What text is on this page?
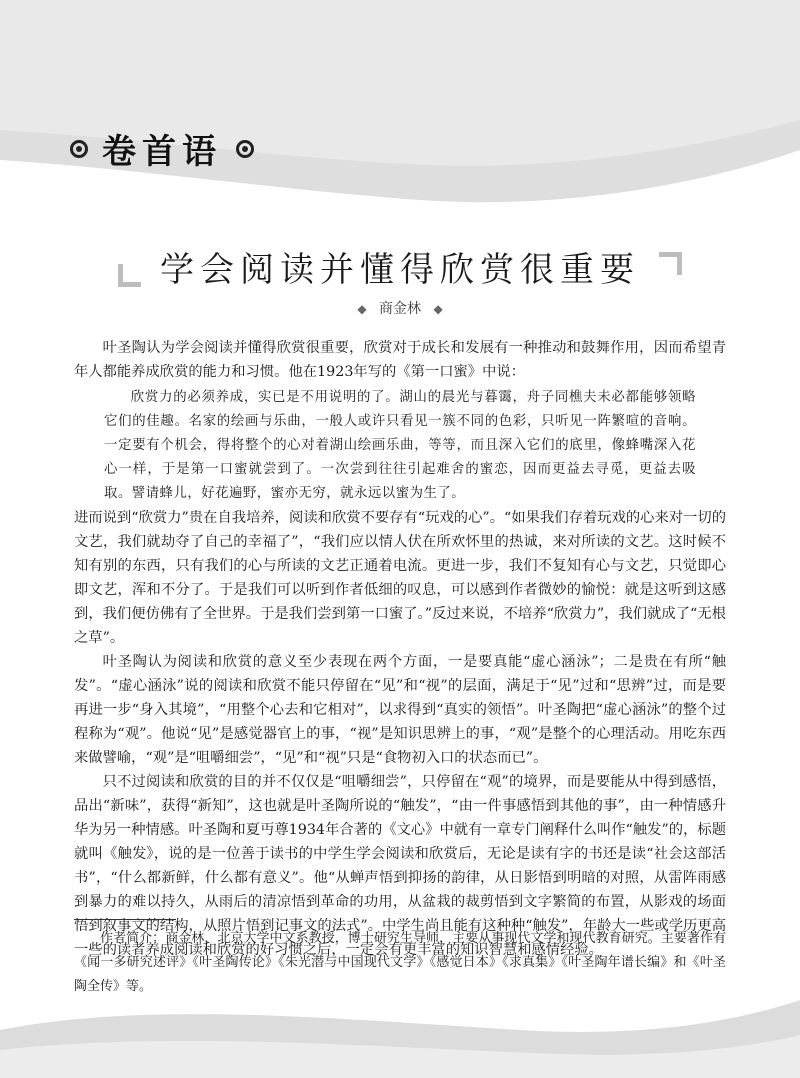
卷首语
学会阅读并懂得欣赏很重要
◆ 商金林 ◆

叶圣陶认为学会阅读并懂得欣赏很重要，欣赏对于成长和发展有一种推动和鼓舞作用，因而希望青年人都能养成欣赏的能力和习惯。他在1923年写的《第一口蜜》中说：

欣赏力的必须养成，实已是不用说明的了。湖山的晨光与暮霭，舟子同樵夫未必都能够领略它们的佳趣。名家的绘画与乐曲，一般人或许只看见一簇不同的色彩，只听见一阵繁喧的音响。一定要有个机会，得将整个的心对着湖山绘画乐曲，等等，而且深入它们的底里，像蜂嘴深入花心一样，于是第一口蜜就尝到了。一次尝到往往引起难舍的蜜恋，因而更益去寻觅，更益去吸取。譬请蜂儿，好花遍野，蜜亦无穷，就永远以蜜为生了。

进而说到“欣赏力”贵在自我培养，阅读和欣赏不要存有“玩戏的心”。“如果我们存着玩戏的心来对一切的文艺，我们就劫夺了自己的幸福了”，“我们应以情人伏在所欢怀里的热诚，来对所读的文艺。这时候不知有别的东西，只有我们的心与所读的文艺正通着电流。更进一步，我们不复知有心与文艺，只觉即心即文艺，浑和不分了。于是我们可以听到作者低细的叹息，可以感到作者微妙的愉悦：就是这听到这感到，我们便仿佛有了全世界。于是我们尝到第一口蜜了。”反过来说，不培养“欣赏力”，我们就成了“无根之草”。

叶圣陶认为阅读和欣赏的意义至少表现在两个方面，一是要真能“虚心涵泳”；二是贵在有所“触发”。“虚心涵泳”说的阅读和欣赏不能只停留在“见”和“视”的层面，满足于“见”过和“思辨”过，而是要再进一步“身入其境”，“用整个心去和它相对”，以求得到“真实的领悟”。叶圣陶把“虚心涵泳”的整个过程称为“观”。他说“见”是感觉器官上的事，“视”是知识思辨上的事，“观”是整个的心理活动。用吃东西来做譬喻，“观”是“咀嚼细尝”，“见”和“视”只是“食物初入口的状态而已”。

只不过阅读和欣赏的目的并不仅仅是“咀嚼细尝”，只停留在“观”的境界，而是要能从中得到感悟，品出“新味”，获得“新知”，这也就是叶圣陶所说的“触发”，“由一件事感悟到其他的事”，由一种情感升华为另一种情感。叶圣陶和夏丏尊1934年合著的《文心》中就有一章专门阐释什么叫作“触发”的，标题就叫《触发》，说的是一位善于读书的中学生学会阅读和欣赏后，无论是读有字的书还是读“社会这部活书”，“什么都新鲜，什么都有意义”。他“从蝉声悟到抑扬的韵律，从日影悟到明暗的对照，从雷阵雨感到暴力的难以持久，从雨后的清凉悟到革命的功用，从盆栽的裁剪悟到文字繁简的布置，从影戏的场面悟到叙事文的结构，从照片悟到记事文的法式”。中学生尚且能有这种种“触发”，年龄大一些或学历更高一些的读者养成阅读和欣赏的好习惯之后，一定会有更丰富的知识智慧和感情经验。

作者简介：商金林，北京大学中文系教授，博士研究生导师，主要从事现代文学和现代教育研究。主要著作有《闻一多研究述评》《叶圣陶传论》《朱光潜与中国现代文学》《感觉日本》《求真集》《叶圣陶年谱长编》和《叶圣陶全传》等。
